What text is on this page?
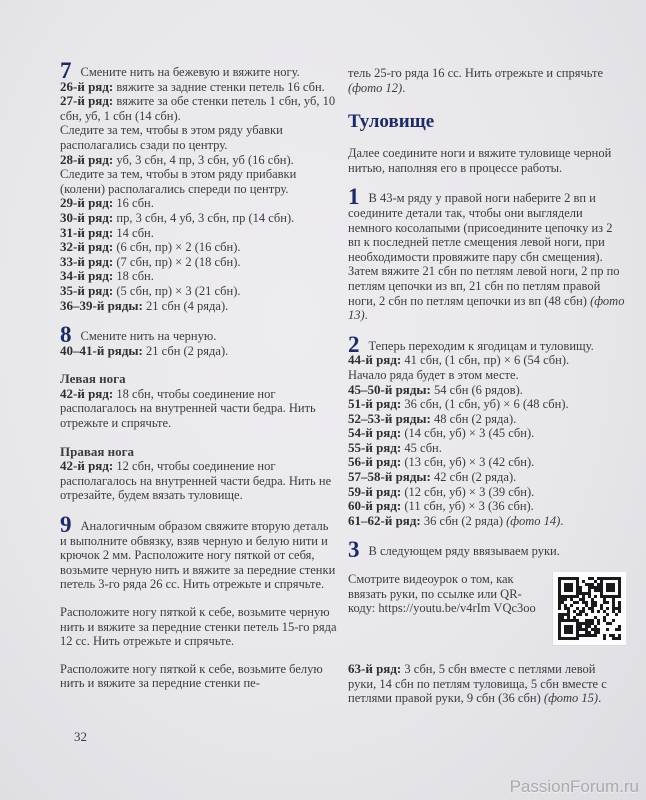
7 Смените нить на бежевую и вяжите ногу.

26-й ряд: вяжите за задние стенки петель 16 сбн.

27-й ряд: вяжите за обе стенки петель 1 сбн, уб, 10 сбн, уб, 1 сбн (14 сбн).

Следите за тем, чтобы в этом ряду убавки располагались сзади по центру.

28-й ряд: уб, 3 сбн, 4 пр, 3 сбн, уб (16 сбн).

Следите за тем, чтобы в этом ряду прибавки (колени) располагались спереди по центру.

29-й ряд: 16 сбн.

30-й ряд: пр, 3 сбн, 4 уб, 3 сбн, пр (14 сбн).

31-й ряд: 14 сбн.

32-й ряд: (6 сбн, пр) × 2 (16 сбн).

33-й ряд: (7 сбн, пр) × 2 (18 сбн).

34-й ряд: 18 сбн.

35-й ряд: (5 сбн, пр) × 3 (21 сбн).

36–39-й ряды: 21 сбн (4 ряда).

8 Смените нить на черную.

40–41-й ряды: 21 сбн (2 ряда).

Левая нога

42-й ряд: 18 сбн, чтобы соединение ног располагалось на внутренней части бедра. Нить отрежьте и спрячьте.

Правая нога

42-й ряд: 12 сбн, чтобы соединение ног располагалось на внутренней части бедра. Нить не отрезайте, будем вязать туловище.

9 Аналогичным образом свяжите вторую деталь и выполните обвязку, взяв черную и белую нити и крючок 2 мм. Расположите ногу пяткой от себя, возьмите черную нить и вяжите за передние стенки петель 3-го ряда 26 сс. Нить отрежьте и спрячьте.

Расположите ногу пяткой к себе, возьмите черную нить и вяжите за передние стенки петель 15-го ряда 12 сс. Нить отрежьте и спрячьте.

Расположите ногу пяткой к себе, возьмите белую нить и вяжите за передние стенки пе-

тель 25-го ряда 16 сс. Нить отрежьте и спрячьте (фото 12).

Туловище

Далее соедините ноги и вяжите туловище черной нитью, наполняя его в процессе работы.

1 В 43-м ряду у правой ноги наберите 2 вп и соедините детали так, чтобы они выглядели немного косолапыми (присоедините цепочку из 2 вп к последней петле смещения левой ноги, при необходимости провяжите пару сбн смещения).

Затем вяжите 21 сбн по петлям левой ноги, 2 пр по петлям цепочки из вп, 21 сбн по петлям правой ноги, 2 сбн по петлям цепочки из вп (48 сбн) (фото 13).

2 Теперь переходим к ягодицам и туловищу.

44-й ряд: 41 сбн, (1 сбн, пр) × 6 (54 сбн).

Начало ряда будет в этом месте.

45–50-й ряды: 54 сбн (6 рядов).

51-й ряд: 36 сбн, (1 сбн, уб) × 6 (48 сбн).

52–53-й ряды: 48 сбн (2 ряда).

54-й ряд: (14 сбн, уб) × 3 (45 сбн).

55-й ряд: 45 сбн.

56-й ряд: (13 сбн, уб) × 3 (42 сбн).

57–58-й ряды: 42 сбн (2 ряда).

59-й ряд: (12 сбн, уб) × 3 (39 сбн).

60-й ряд: (11 сбн, уб) × 3 (36 сбн).

61–62-й ряд: 36 сбн (2 ряда) (фото 14).

3 В следующем ряду ввязываем руки.

Смотрите видеоурок о том, как ввязать руки, по ссылке или QR-коду: https://youtu.be/v4rIm VQc3oo

63-й ряд: 3 сбн, 5 сбн вместе с петлями левой руки, 14 сбн по петлям туловища, 5 сбн вместе с петлями правой руки, 9 сбн (36 сбн) (фото 15).

32
PassionForum.ru
